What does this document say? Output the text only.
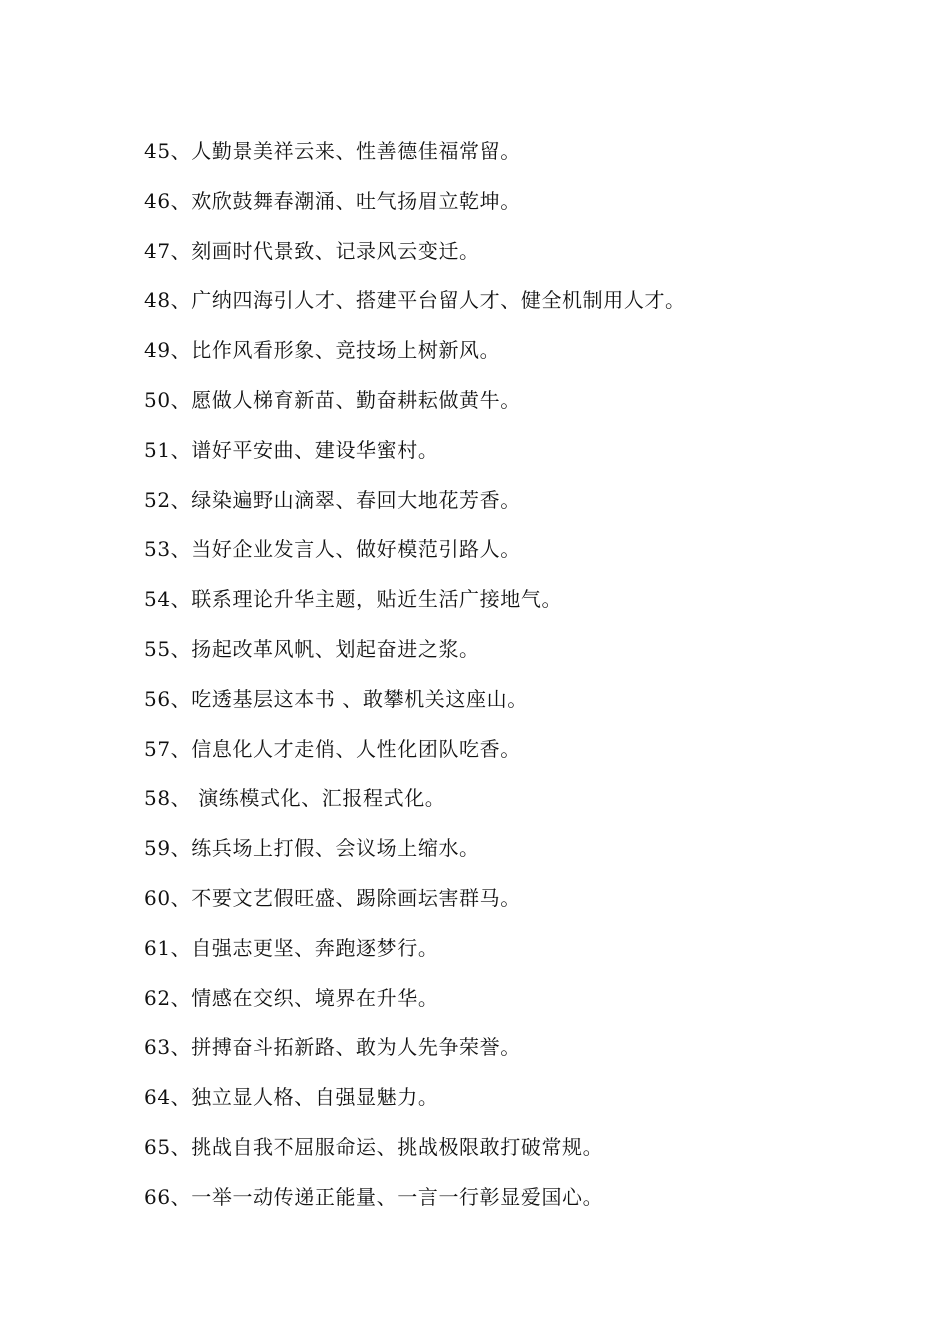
45、人勤景美祥云来、性善德佳福常留。
46、欢欣鼓舞春潮涌、吐气扬眉立乾坤。
47、刻画时代景致、记录风云变迁。
48、广纳四海引人才、搭建平台留人才、健全机制用人才。
49、比作风看形象、竞技场上树新风。
50、愿做人梯育新苗、勤奋耕耘做黄牛。
51、谱好平安曲、建设华蜜村。
52、绿染遍野山滴翠、春回大地花芳香。
53、当好企业发言人、做好模范引路人。
54、联系理论升华主题，贴近生活广接地气。
55、扬起改革风帆、划起奋进之浆。
56、吃透基层这本书 、敢攀机关这座山。
57、信息化人才走俏、人性化团队吃香。
58、 演练模式化、汇报程式化。
59、练兵场上打假、会议场上缩水。
60、不要文艺假旺盛、踢除画坛害群马。
61、自强志更坚、奔跑逐梦行。
62、情感在交织、境界在升华。
63、拼搏奋斗拓新路、敢为人先争荣誉。
64、独立显人格、自强显魅力。
65、挑战自我不屈服命运、挑战极限敢打破常规。
66、一举一动传递正能量、一言一行彰显爱国心。
